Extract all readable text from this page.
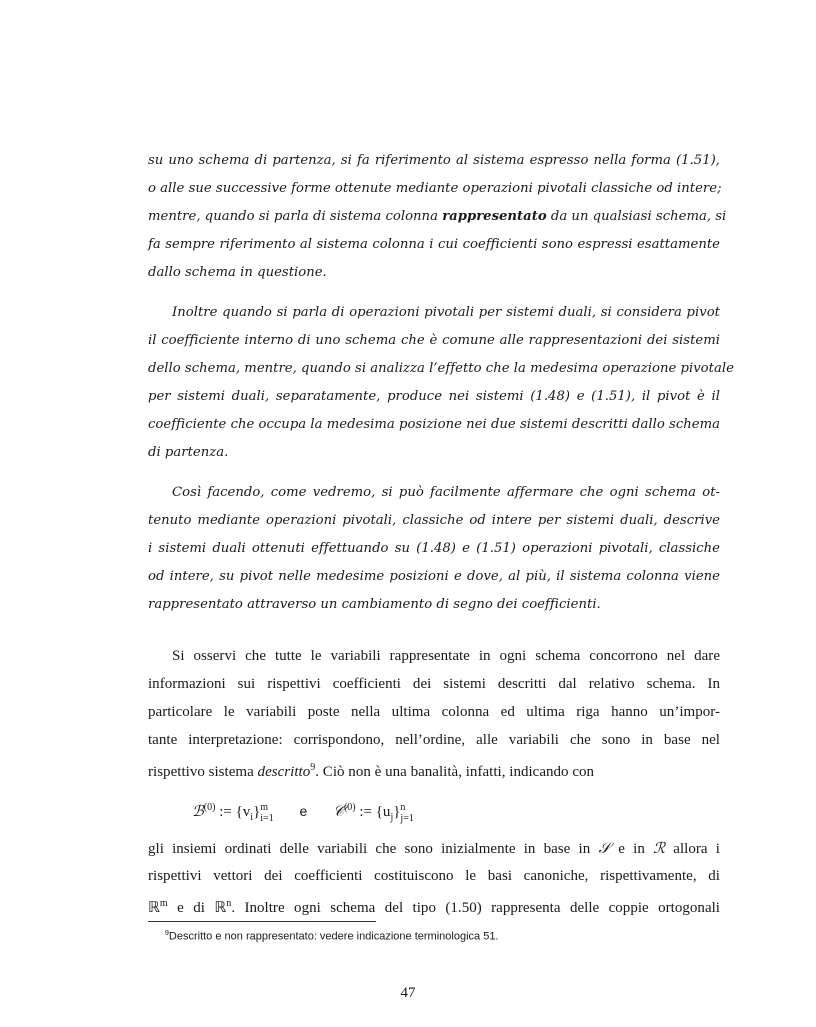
su uno schema di partenza, si fa riferimento al sistema espresso nella forma (1.51),
o alle sue successive forme ottenute mediante operazioni pivotali classiche od intere;
mentre, quando si parla di sistema colonna rappresentato da un qualsiasi schema, si
fa sempre riferimento al sistema colonna i cui coefficienti sono espressi esattamente
dallo schema in questione.
Inoltre quando si parla di operazioni pivotali per sistemi duali, si considera pivot
il coefficiente interno di uno schema che è comune alle rappresentazioni dei sistemi
dello schema, mentre, quando si analizza l’effetto che la medesima operazione pivotale
per sistemi duali, separatamente, produce nei sistemi (1.48) e (1.51), il pivot è il
coefficiente che occupa la medesima posizione nei due sistemi descritti dallo schema
di partenza.
Così facendo, come vedremo, si può facilmente affermare che ogni schema ot-
tenuto mediante operazioni pivotali, classiche od intere per sistemi duali, descrive
i sistemi duali ottenuti effettuando su (1.48) e (1.51) operazioni pivotali, classiche
od intere, su pivot nelle medesime posizioni e dove, al più, il sistema colonna viene
rappresentato attraverso un cambiamento di segno dei coefficienti.
Si osservi che tutte le variabili rappresentate in ogni schema concorrono nel dare
informazioni sui rispettivi coefficienti dei sistemi descritti dal relativo schema. In
particolare le variabili poste nella ultima colonna ed ultima riga hanno un’impor-
tante interpretazione: corrispondono, nell’ordine, alle variabili che sono in base nel
rispettivo sistema descritto$^9$. Ciò non è una banalità, infatti, indicando con
ℬ$^{(0)}$ := $\{v_i\}$ m
i=1 e 𝒞$^{(0)}$ := $\{u_j\}$ n
j=1
gli insiemi ordinati delle variabili che sono inizialmente in base in 𝒮 e in ℛ allora i
rispettivi vettori dei coefficienti costituiscono le basi canoniche, rispettivamente, di
ℝ$^m$ e di ℝ$^n$. Inoltre ogni schema del tipo (1.50) rappresenta delle coppie ortogonali
$^9$Descritto e non rappresentato: vedere indicazione terminologica 51.
47
